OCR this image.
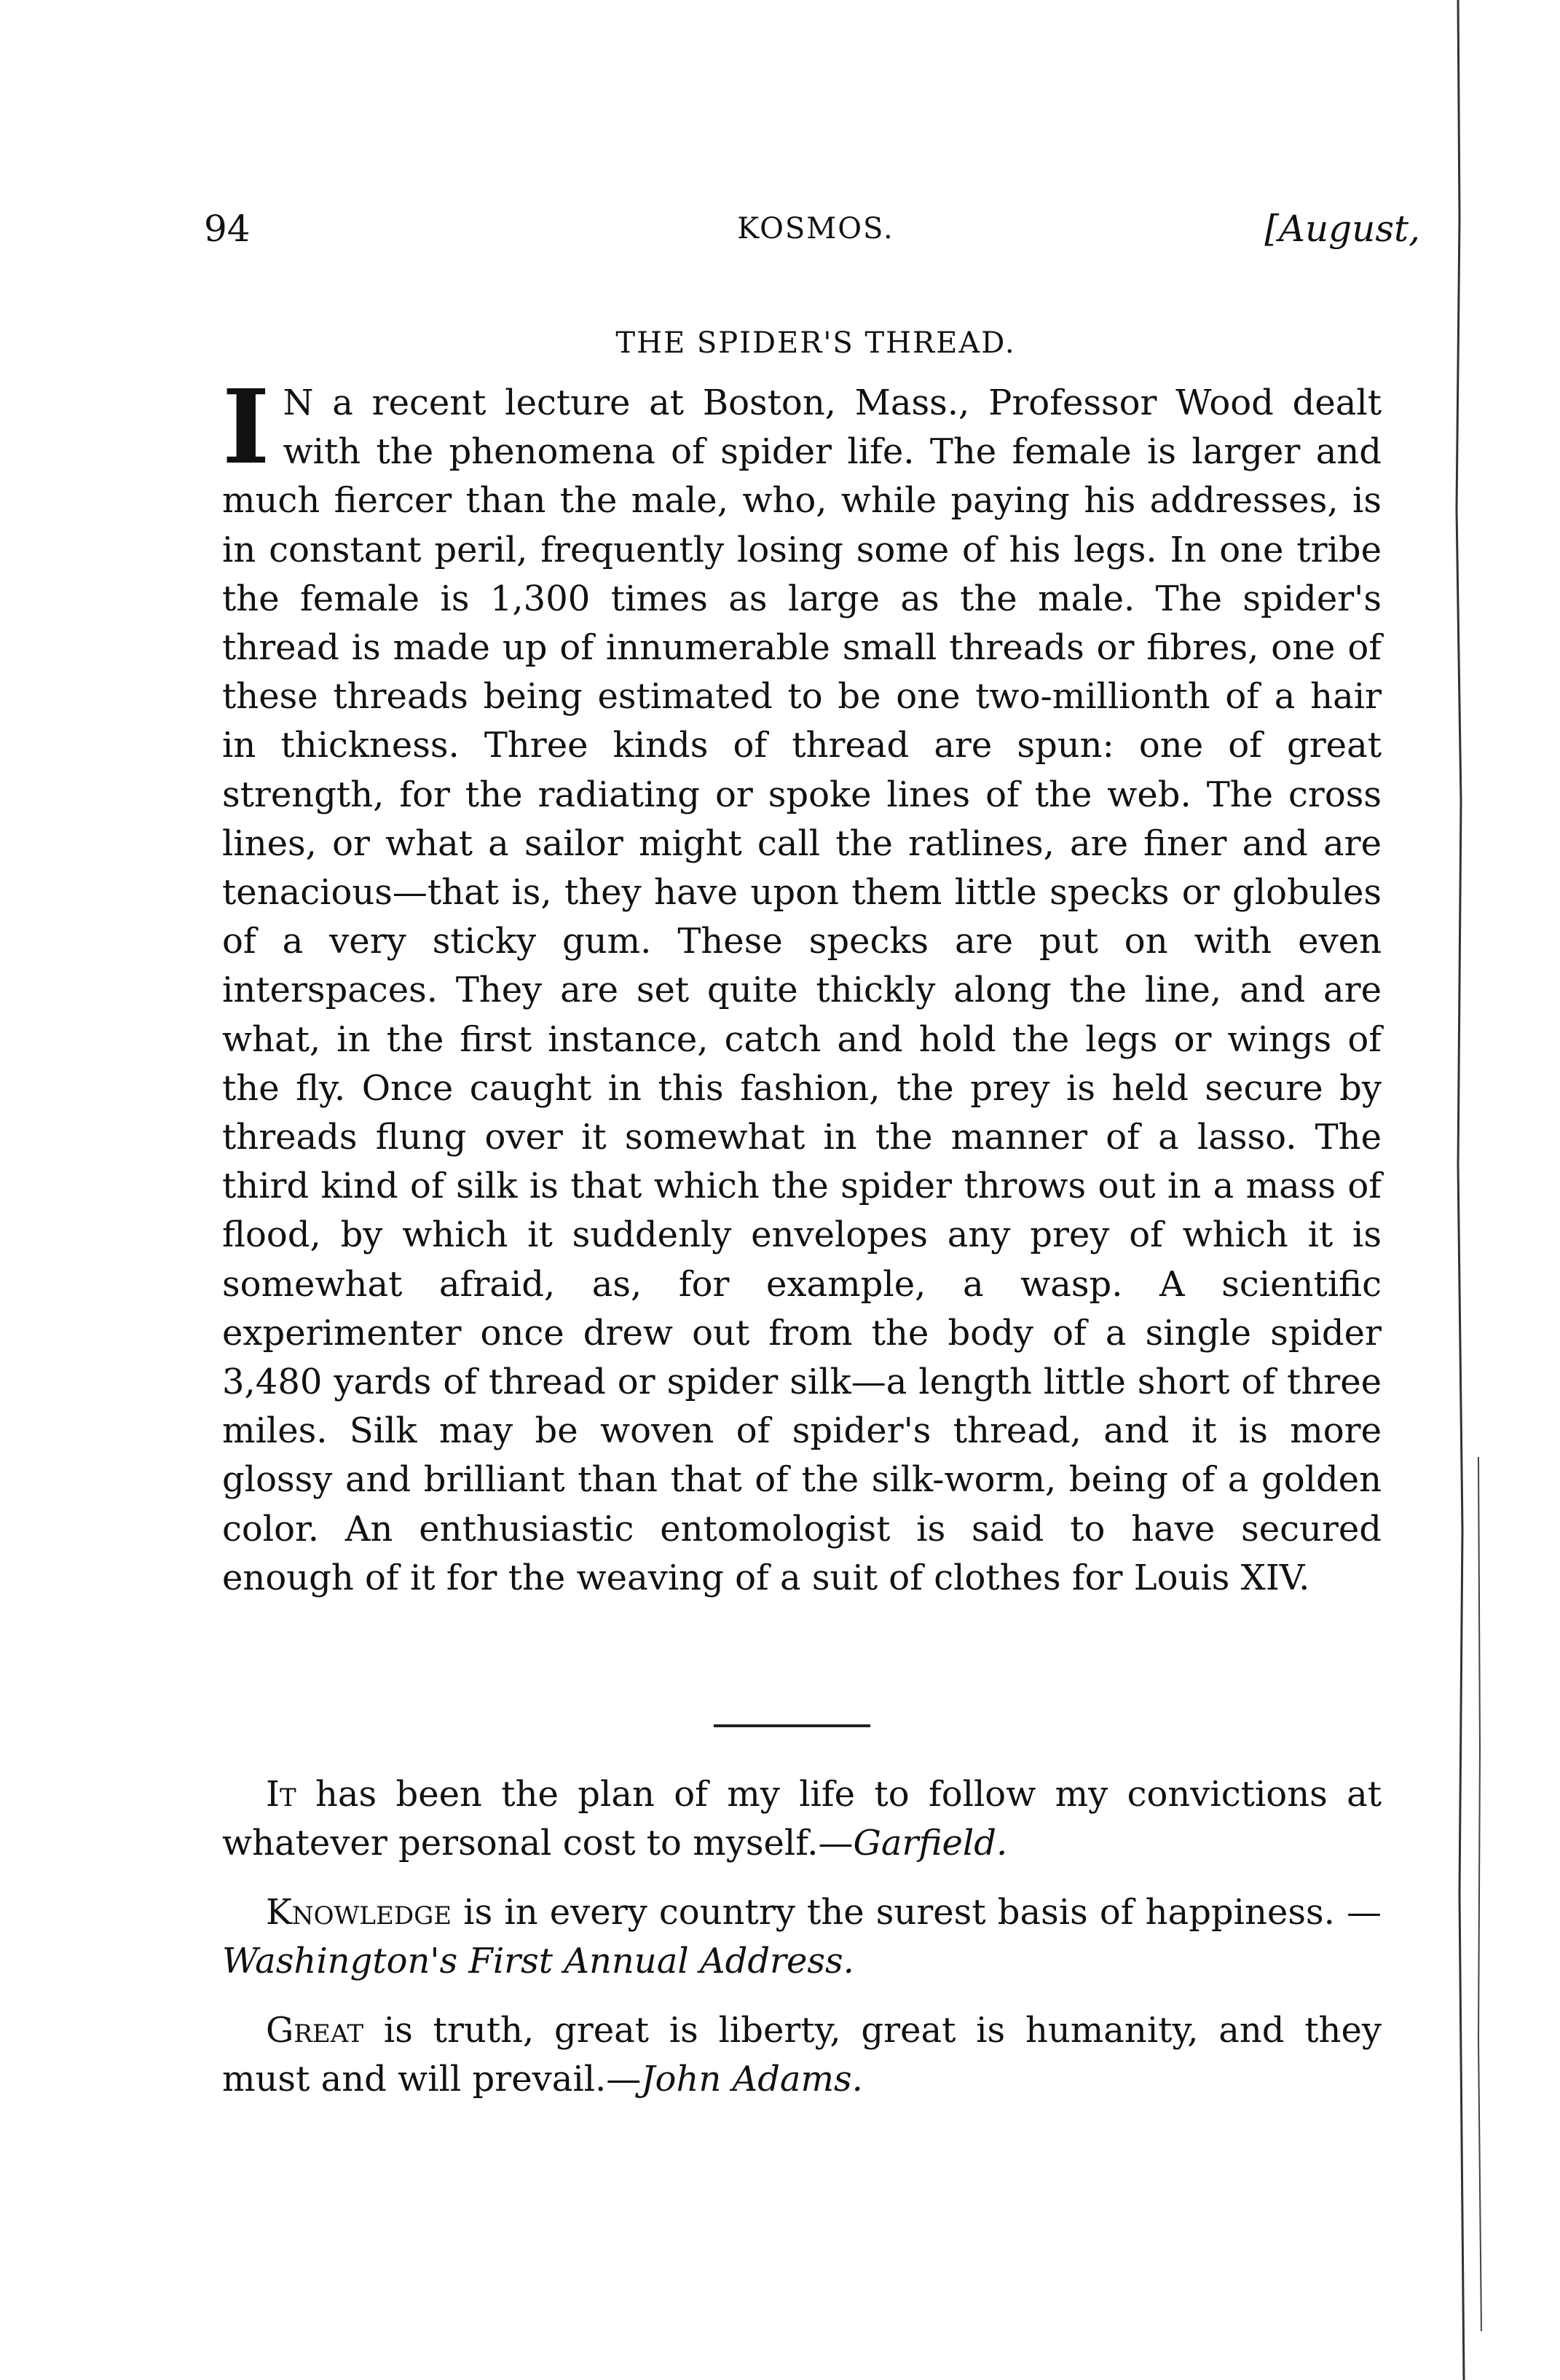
94	KOSMOS.	[August,
THE SPIDER'S THREAD.
I N a recent lecture at Boston, Mass., Professor Wood dealt with the phenomena of spider life. The female is larger and much fiercer than the male, who, while paying his addresses, is in constant peril, frequently losing some of his legs. In one tribe the female is 1,300 times as large as the male. The spider's thread is made up of innumerable small threads or fibres, one of these threads being estimated to be one two-millionth of a hair in thickness. Three kinds of thread are spun: one of great strength, for the radiating or spoke lines of the web. The cross lines, or what a sailor might call the ratlines, are finer and are tenacious—that is, they have upon them little specks or globules of a very sticky gum. These specks are put on with even interspaces. They are set quite thickly along the line, and are what, in the first instance, catch and hold the legs or wings of the fly. Once caught in this fashion, the prey is held secure by threads flung over it somewhat in the manner of a lasso. The third kind of silk is that which the spider throws out in a mass of flood, by which it suddenly envelopes any prey of which it is somewhat afraid, as, for example, a wasp. A scientific experimenter once drew out from the body of a single spider 3,480 yards of thread or spider silk—a length little short of three miles. Silk may be woven of spider's thread, and it is more glossy and brilliant than that of the silk-worm, being of a golden color. An enthusiastic entomologist is said to have secured enough of it for the weaving of a suit of clothes for Louis XIV.

It has been the plan of my life to follow my convictions at whatever personal cost to myself.—Garfield.

Knowledge is in every country the surest basis of happiness. —Washington's First Annual Address.

Great is truth, great is liberty, great is humanity, and they must and will prevail.—John Adams.
